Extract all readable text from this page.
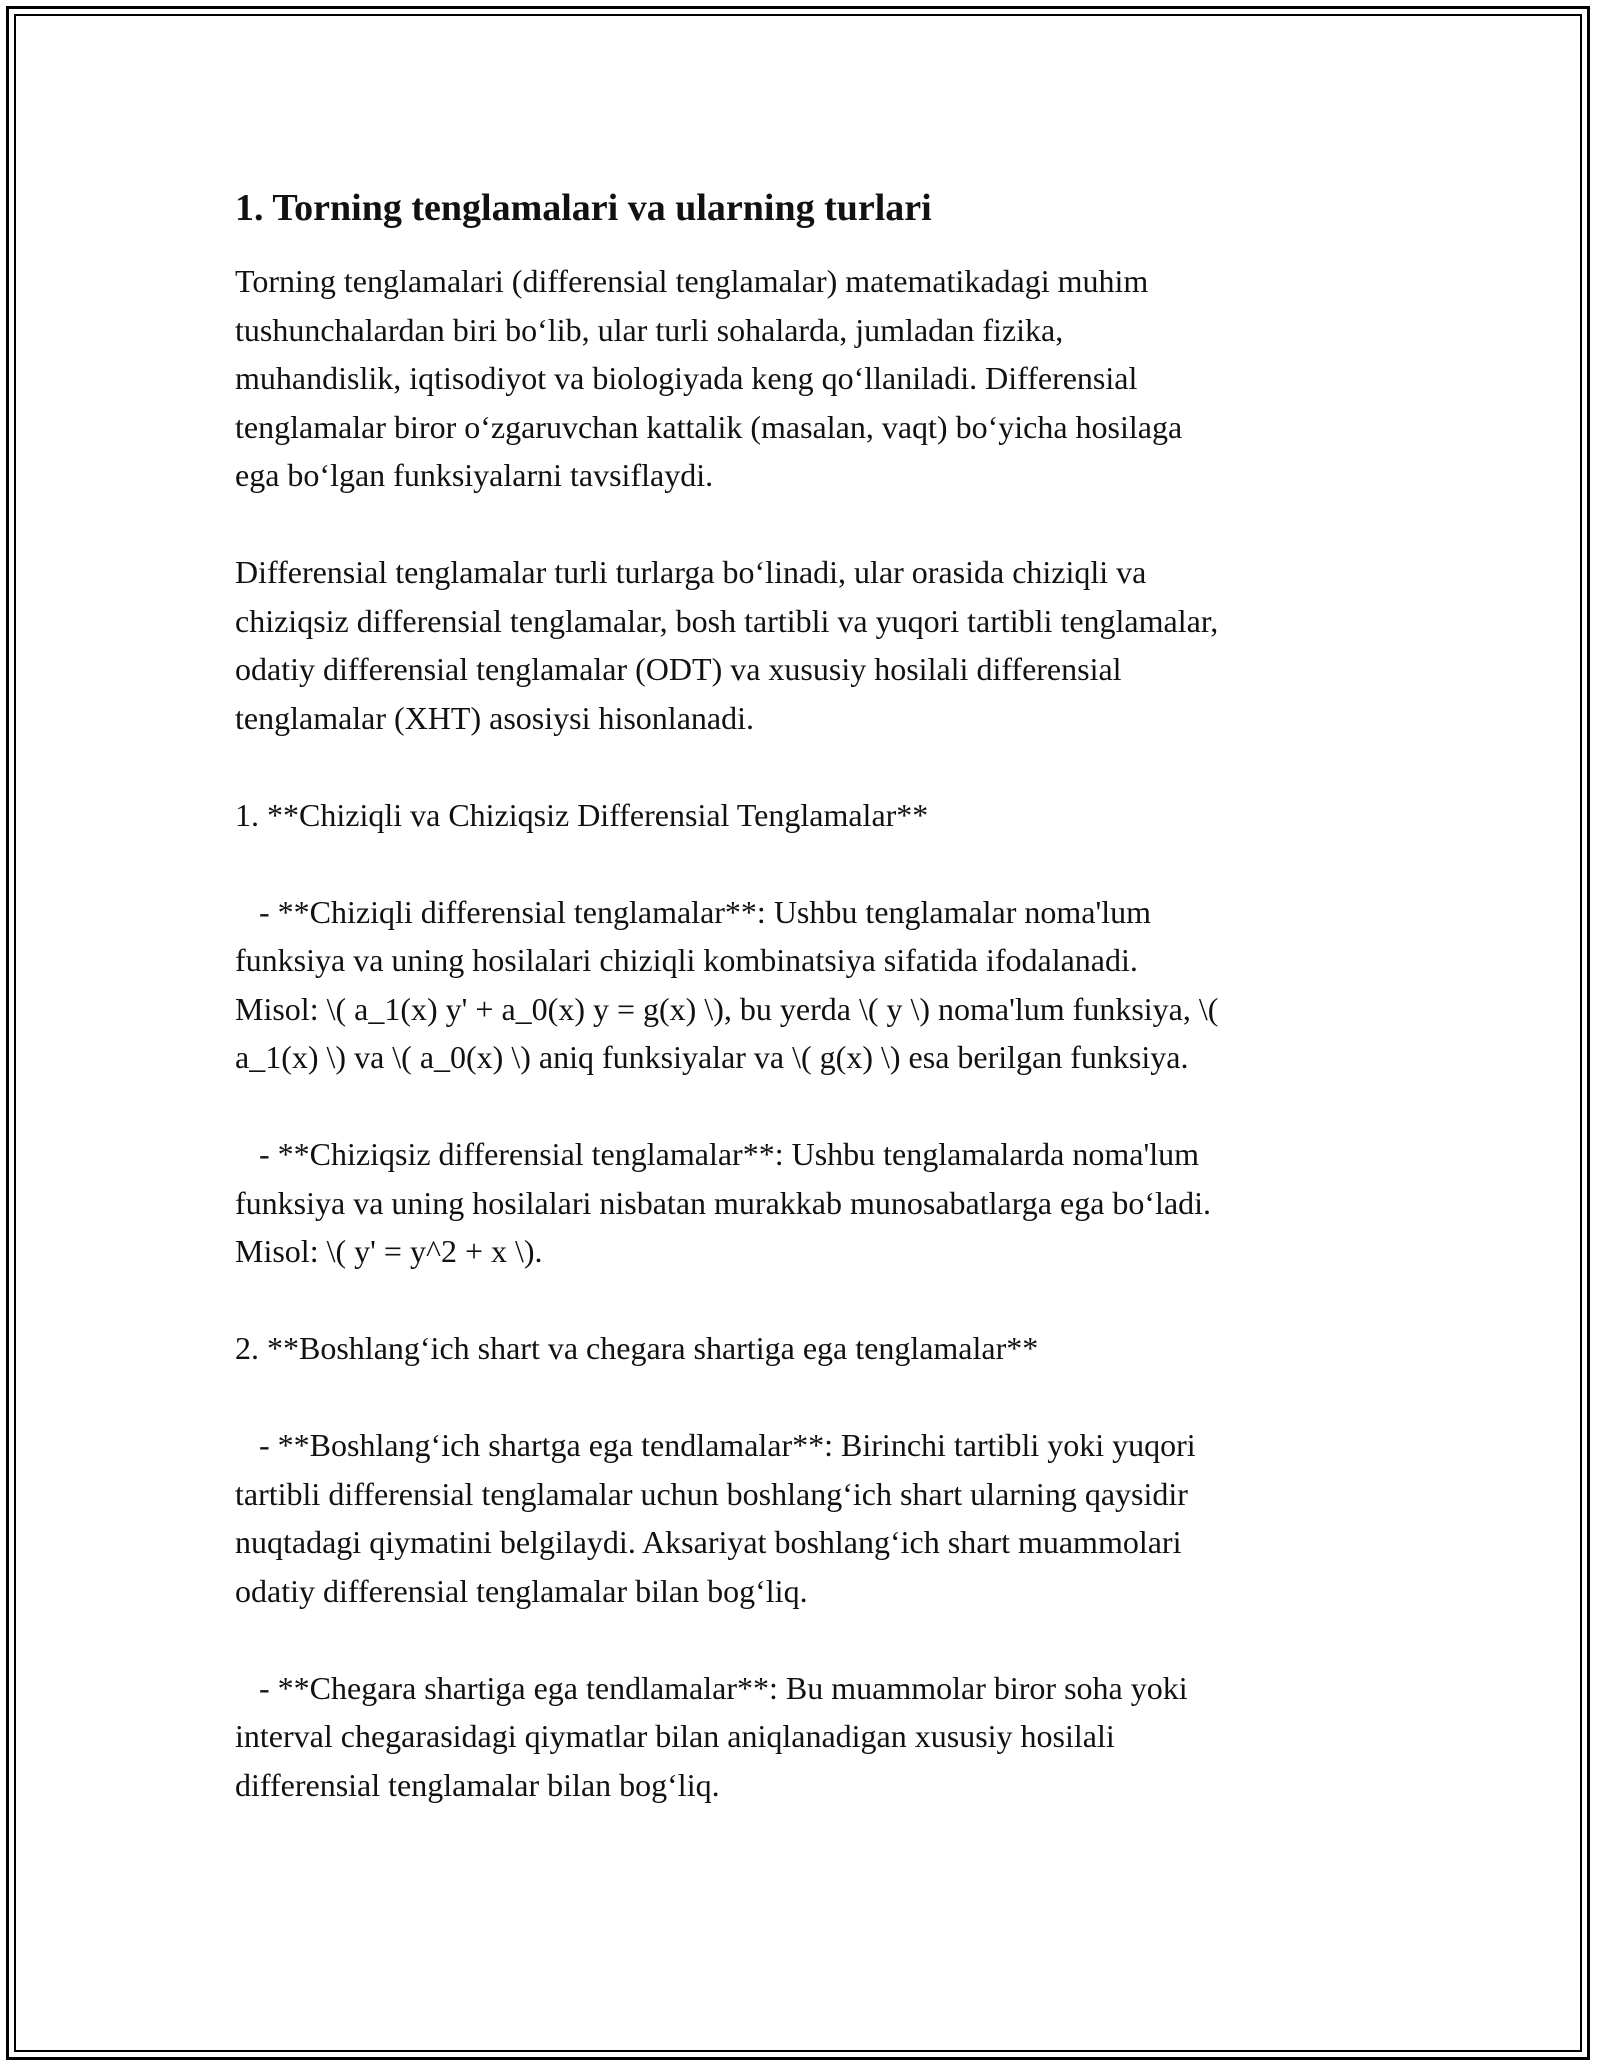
1. Torning tenglamalari va ularning turlari

Torning tenglamalari (differensial tenglamalar) matematikadagi muhim
tushunchalardan biri bo‘lib, ular turli sohalarda, jumladan fizika,
muhandislik, iqtisodiyot va biologiyada keng qo‘llaniladi. Differensial
tenglamalar biror o‘zgaruvchan kattalik (masalan, vaqt) bo‘yicha hosilaga
ega bo‘lgan funksiyalarni tavsiflaydi.

Differensial tenglamalar turli turlarga bo‘linadi, ular orasida chiziqli va
chiziqsiz differensial tenglamalar, bosh tartibli va yuqori tartibli tenglamalar,
odatiy differensial tenglamalar (ODT) va xususiy hosilali differensial
tenglamalar (XHT) asosiysi hisonlanadi.

1. **Chiziqli va Chiziqsiz Differensial Tenglamalar**

- **Chiziqli differensial tenglamalar**: Ushbu tenglamalar noma'lum
funksiya va uning hosilalari chiziqli kombinatsiya sifatida ifodalanadi.
Misol: \( a_1(x) y' + a_0(x) y = g(x) \), bu yerda \( y \) noma'lum funksiya, \(
a_1(x) \) va \( a_0(x) \) aniq funksiyalar va \( g(x) \) esa berilgan funksiya.

- **Chiziqsiz differensial tenglamalar**: Ushbu tenglamalarda noma'lum
funksiya va uning hosilalari nisbatan murakkab munosabatlarga ega bo‘ladi.
Misol: \( y' = y^2 + x \).

2. **Boshlang‘ich shart va chegara shartiga ega tenglamalar**

- **Boshlang‘ich shartga ega tendlamalar**: Birinchi tartibli yoki yuqori
tartibli differensial tenglamalar uchun boshlang‘ich shart ularning qaysidir
nuqtadagi qiymatini belgilaydi. Aksariyat boshlang‘ich shart muammolari
odatiy differensial tenglamalar bilan bog‘liq.

- **Chegara shartiga ega tendlamalar**: Bu muammolar biror soha yoki
interval chegarasidagi qiymatlar bilan aniqlanadigan xususiy hosilali
differensial tenglamalar bilan bog‘liq.
